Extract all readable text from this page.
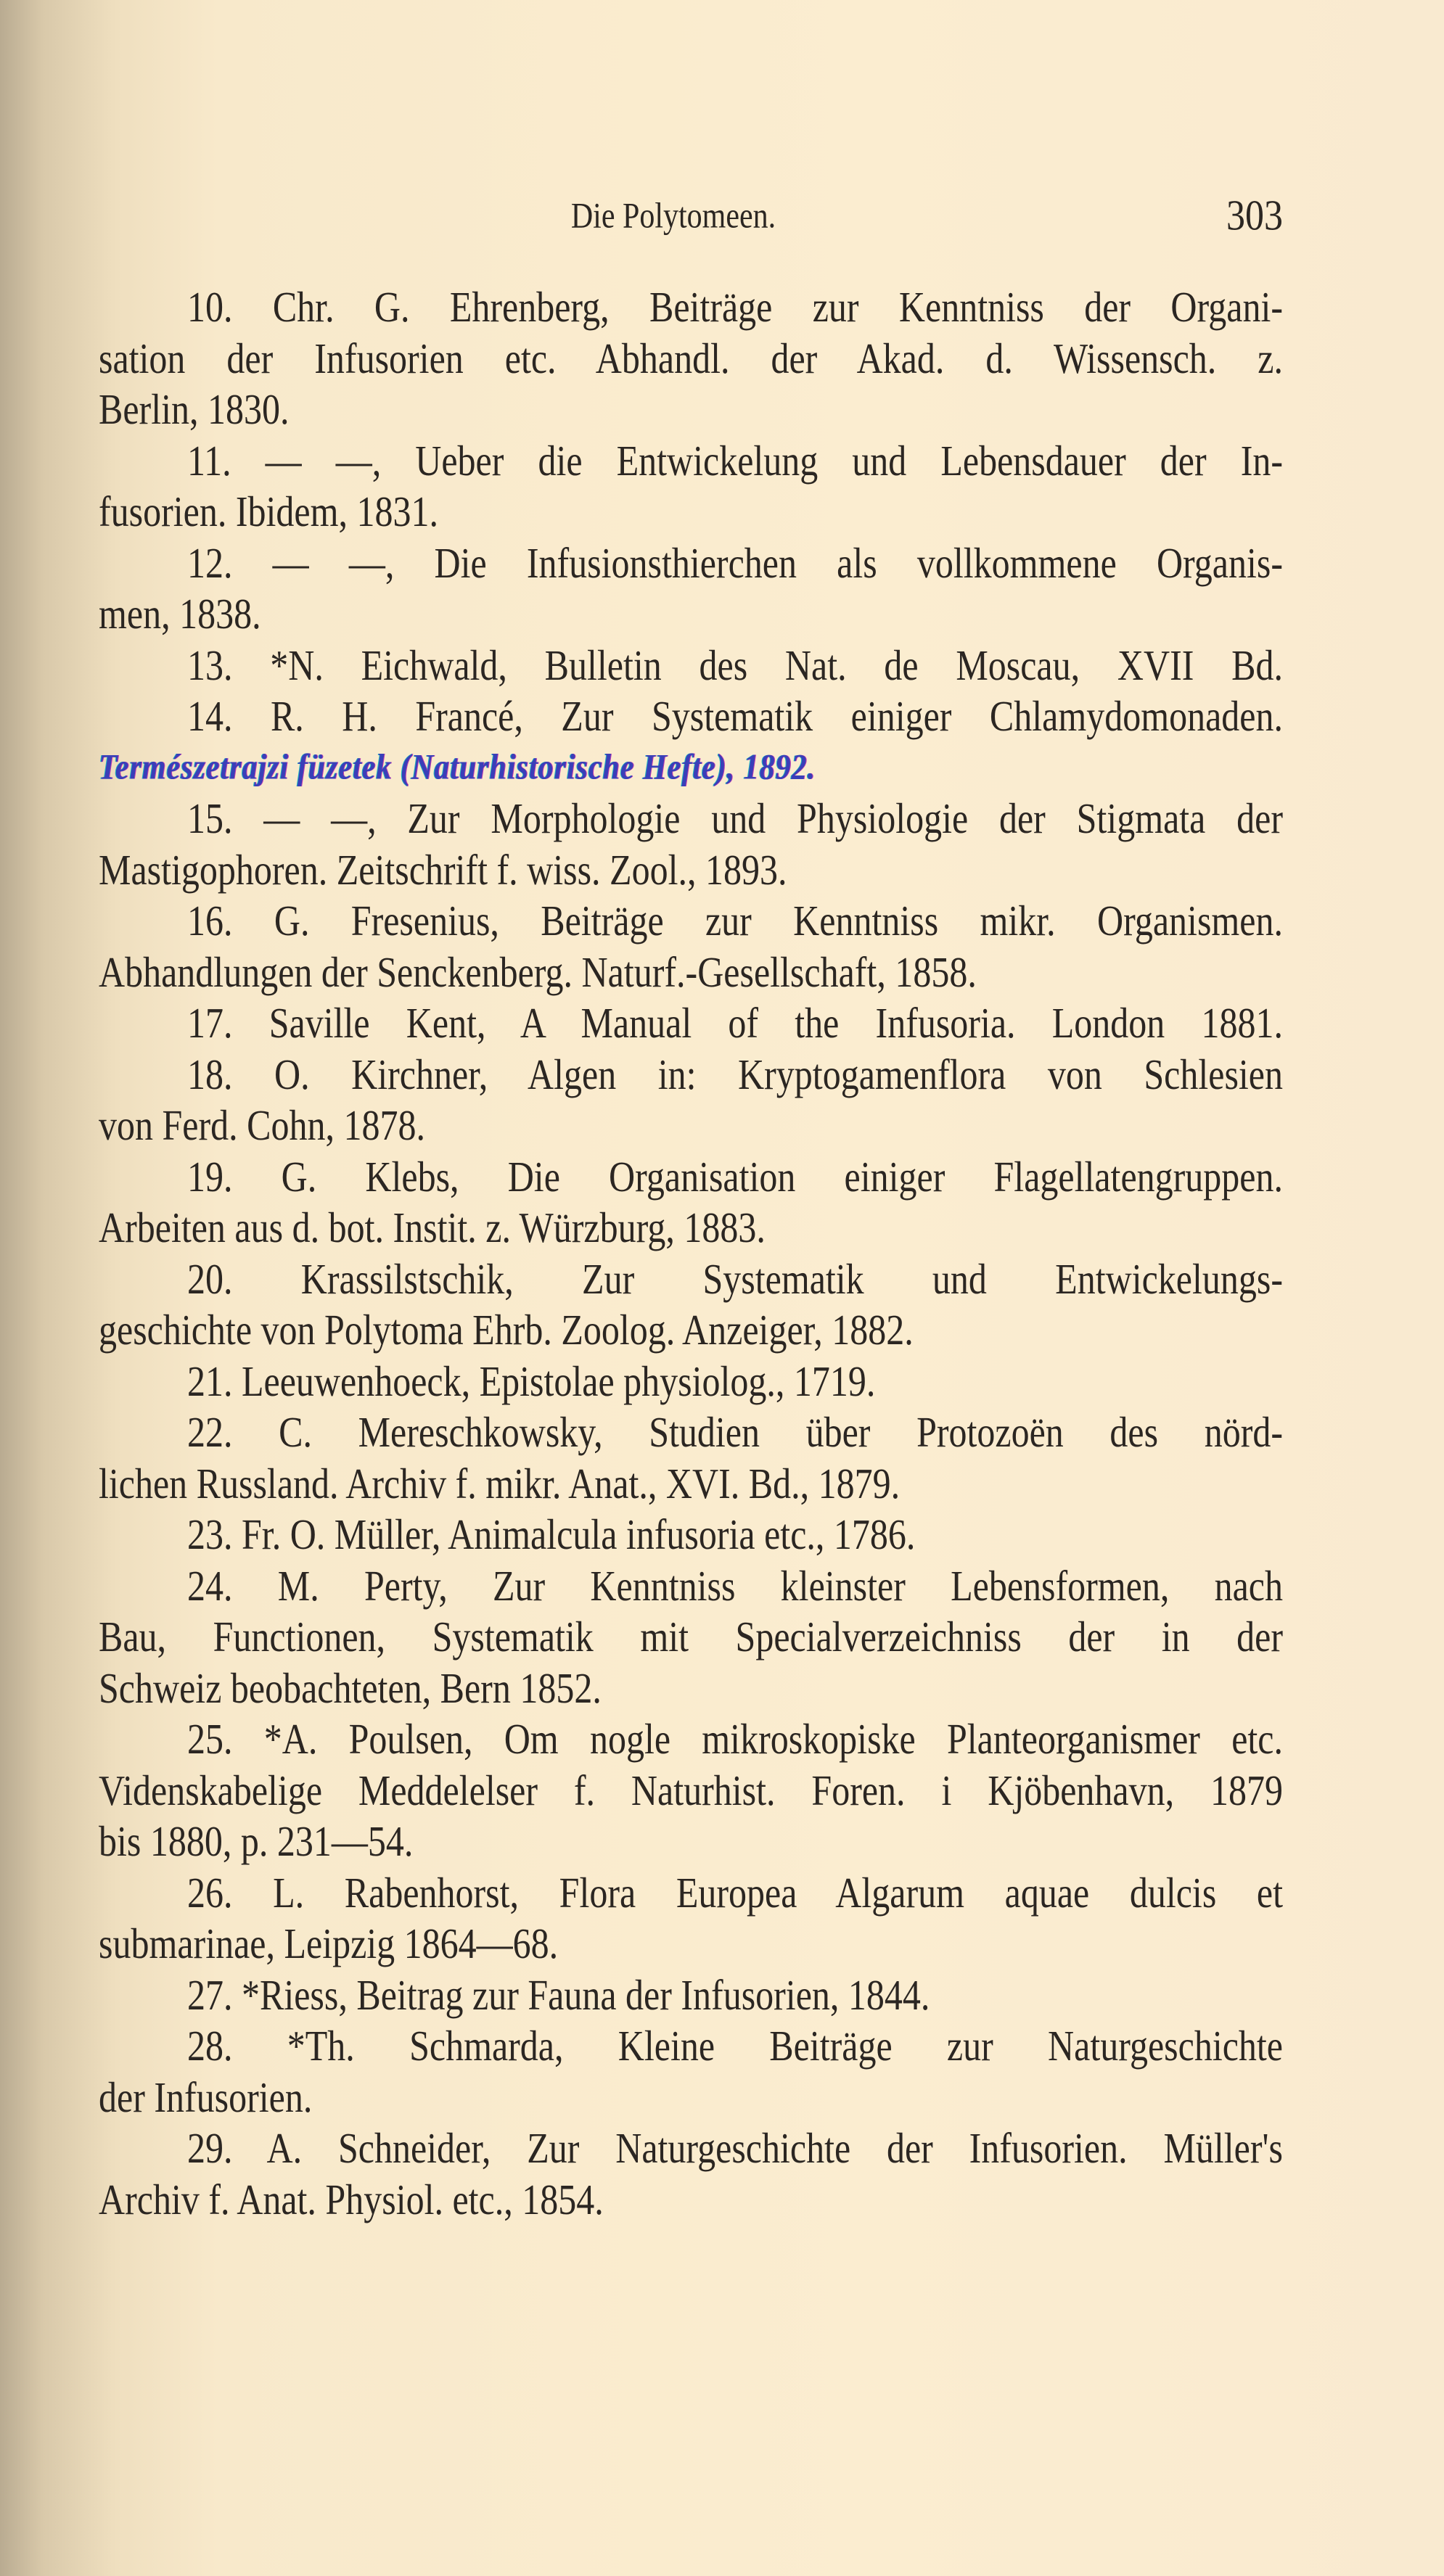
Die Polytomeen.	303
10. Chr. G. Ehrenberg, Beiträge zur Kenntniss der Organi-
sation der Infusorien etc. Abhandl. der Akad. d. Wissensch. z.
Berlin, 1830.
11. — —, Ueber die Entwickelung und Lebensdauer der In-
fusorien. Ibidem, 1831.
12. — —, Die Infusionsthierchen als vollkommene Organis-
men, 1838.
13. *N. Eichwald, Bulletin des Nat. de Moscau, XVII Bd.
14. R. H. Francé, Zur Systematik einiger Chlamydomonaden.
Természetrajzi füzetek (Naturhistorische Hefte), 1892.
15. — —, Zur Morphologie und Physiologie der Stigmata der
Mastigophoren. Zeitschrift f. wiss. Zool., 1893.
16. G. Fresenius, Beiträge zur Kenntniss mikr. Organismen.
Abhandlungen der Senckenberg. Naturf.-Gesellschaft, 1858.
17. Saville Kent, A Manual of the Infusoria. London 1881.
18. O. Kirchner, Algen in: Kryptogamenflora von Schlesien
von Ferd. Cohn, 1878.
19. G. Klebs, Die Organisation einiger Flagellatengruppen.
Arbeiten aus d. bot. Instit. z. Würzburg, 1883.
20. Krassilstschik, Zur Systematik und Entwickelungs-
geschichte von Polytoma Ehrb. Zoolog. Anzeiger, 1882.
21. Leeuwenhoeck, Epistolae physiolog., 1719.
22. C. Mereschkowsky, Studien über Protozoën des nörd-
lichen Russland. Archiv f. mikr. Anat., XVI. Bd., 1879.
23. Fr. O. Müller, Animalcula infusoria etc., 1786.
24. M. Perty, Zur Kenntniss kleinster Lebensformen, nach
Bau, Functionen, Systematik mit Specialverzeichniss der in der
Schweiz beobachteten, Bern 1852.
25. *A. Poulsen, Om nogle mikroskopiske Planteorganismer etc.
Videnskabelige Meddelelser f. Naturhist. Foren. i Kjöbenhavn, 1879
bis 1880, p. 231—54.
26. L. Rabenhorst, Flora Europea Algarum aquae dulcis et
submarinae, Leipzig 1864—68.
27. *Riess, Beitrag zur Fauna der Infusorien, 1844.
28. *Th. Schmarda, Kleine Beiträge zur Naturgeschichte
der Infusorien.
29. A. Schneider, Zur Naturgeschichte der Infusorien. Müller's
Archiv f. Anat. Physiol. etc., 1854.
